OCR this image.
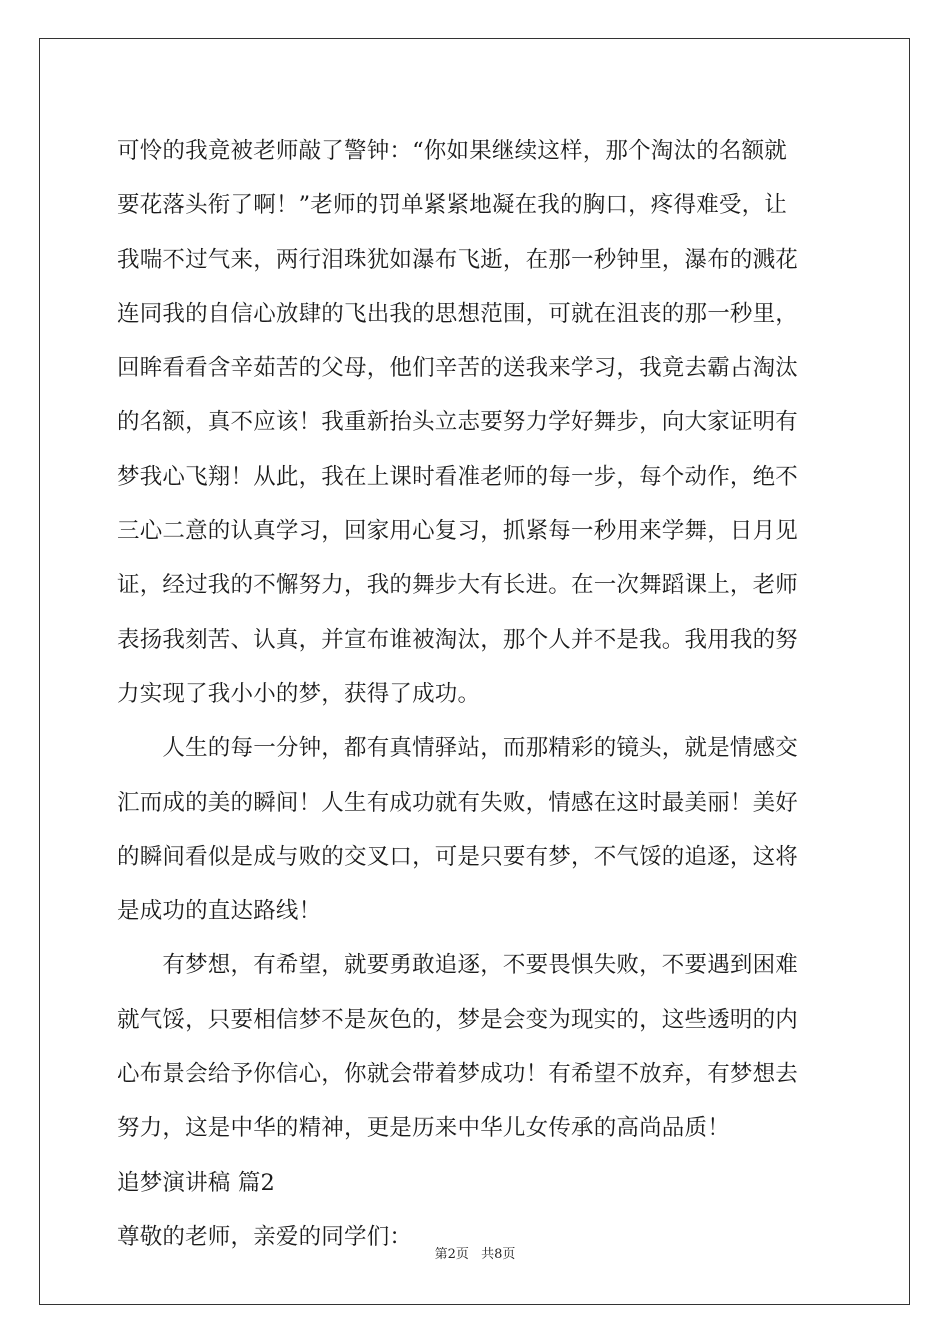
可怜的我竟被老师敲了警钟：“你如果继续这样，那个淘汰的名额就
要花落头衔了啊！”老师的罚单紧紧地凝在我的胸口，疼得难受，让
我喘不过气来，两行泪珠犹如瀑布飞逝，在那一秒钟里，瀑布的溅花
连同我的自信心放肆的飞出我的思想范围，可就在沮丧的那一秒里，
回眸看看含辛茹苦的父母，他们辛苦的送我来学习，我竟去霸占淘汰
的名额，真不应该！我重新抬头立志要努力学好舞步，向大家证明有
梦我心飞翔！从此，我在上课时看准老师的每一步，每个动作，绝不
三心二意的认真学习，回家用心复习，抓紧每一秒用来学舞，日月见
证，经过我的不懈努力，我的舞步大有长进。在一次舞蹈课上，老师
表扬我刻苦、认真，并宣布谁被淘汰，那个人并不是我。我用我的努
力实现了我小小的梦，获得了成功。
　　人生的每一分钟，都有真情驿站，而那精彩的镜头，就是情感交
汇而成的美的瞬间！人生有成功就有失败，情感在这时最美丽！美好
的瞬间看似是成与败的交叉口，可是只要有梦，不气馁的追逐，这将
是成功的直达路线！
　　有梦想，有希望，就要勇敢追逐，不要畏惧失败，不要遇到困难
就气馁，只要相信梦不是灰色的，梦是会变为现实的，这些透明的内
心布景会给予你信心，你就会带着梦成功！有希望不放弃，有梦想去
努力，这是中华的精神，更是历来中华儿女传承的高尚品质！
追梦演讲稿 篇2
尊敬的老师，亲爱的同学们：
第2页 共8页
